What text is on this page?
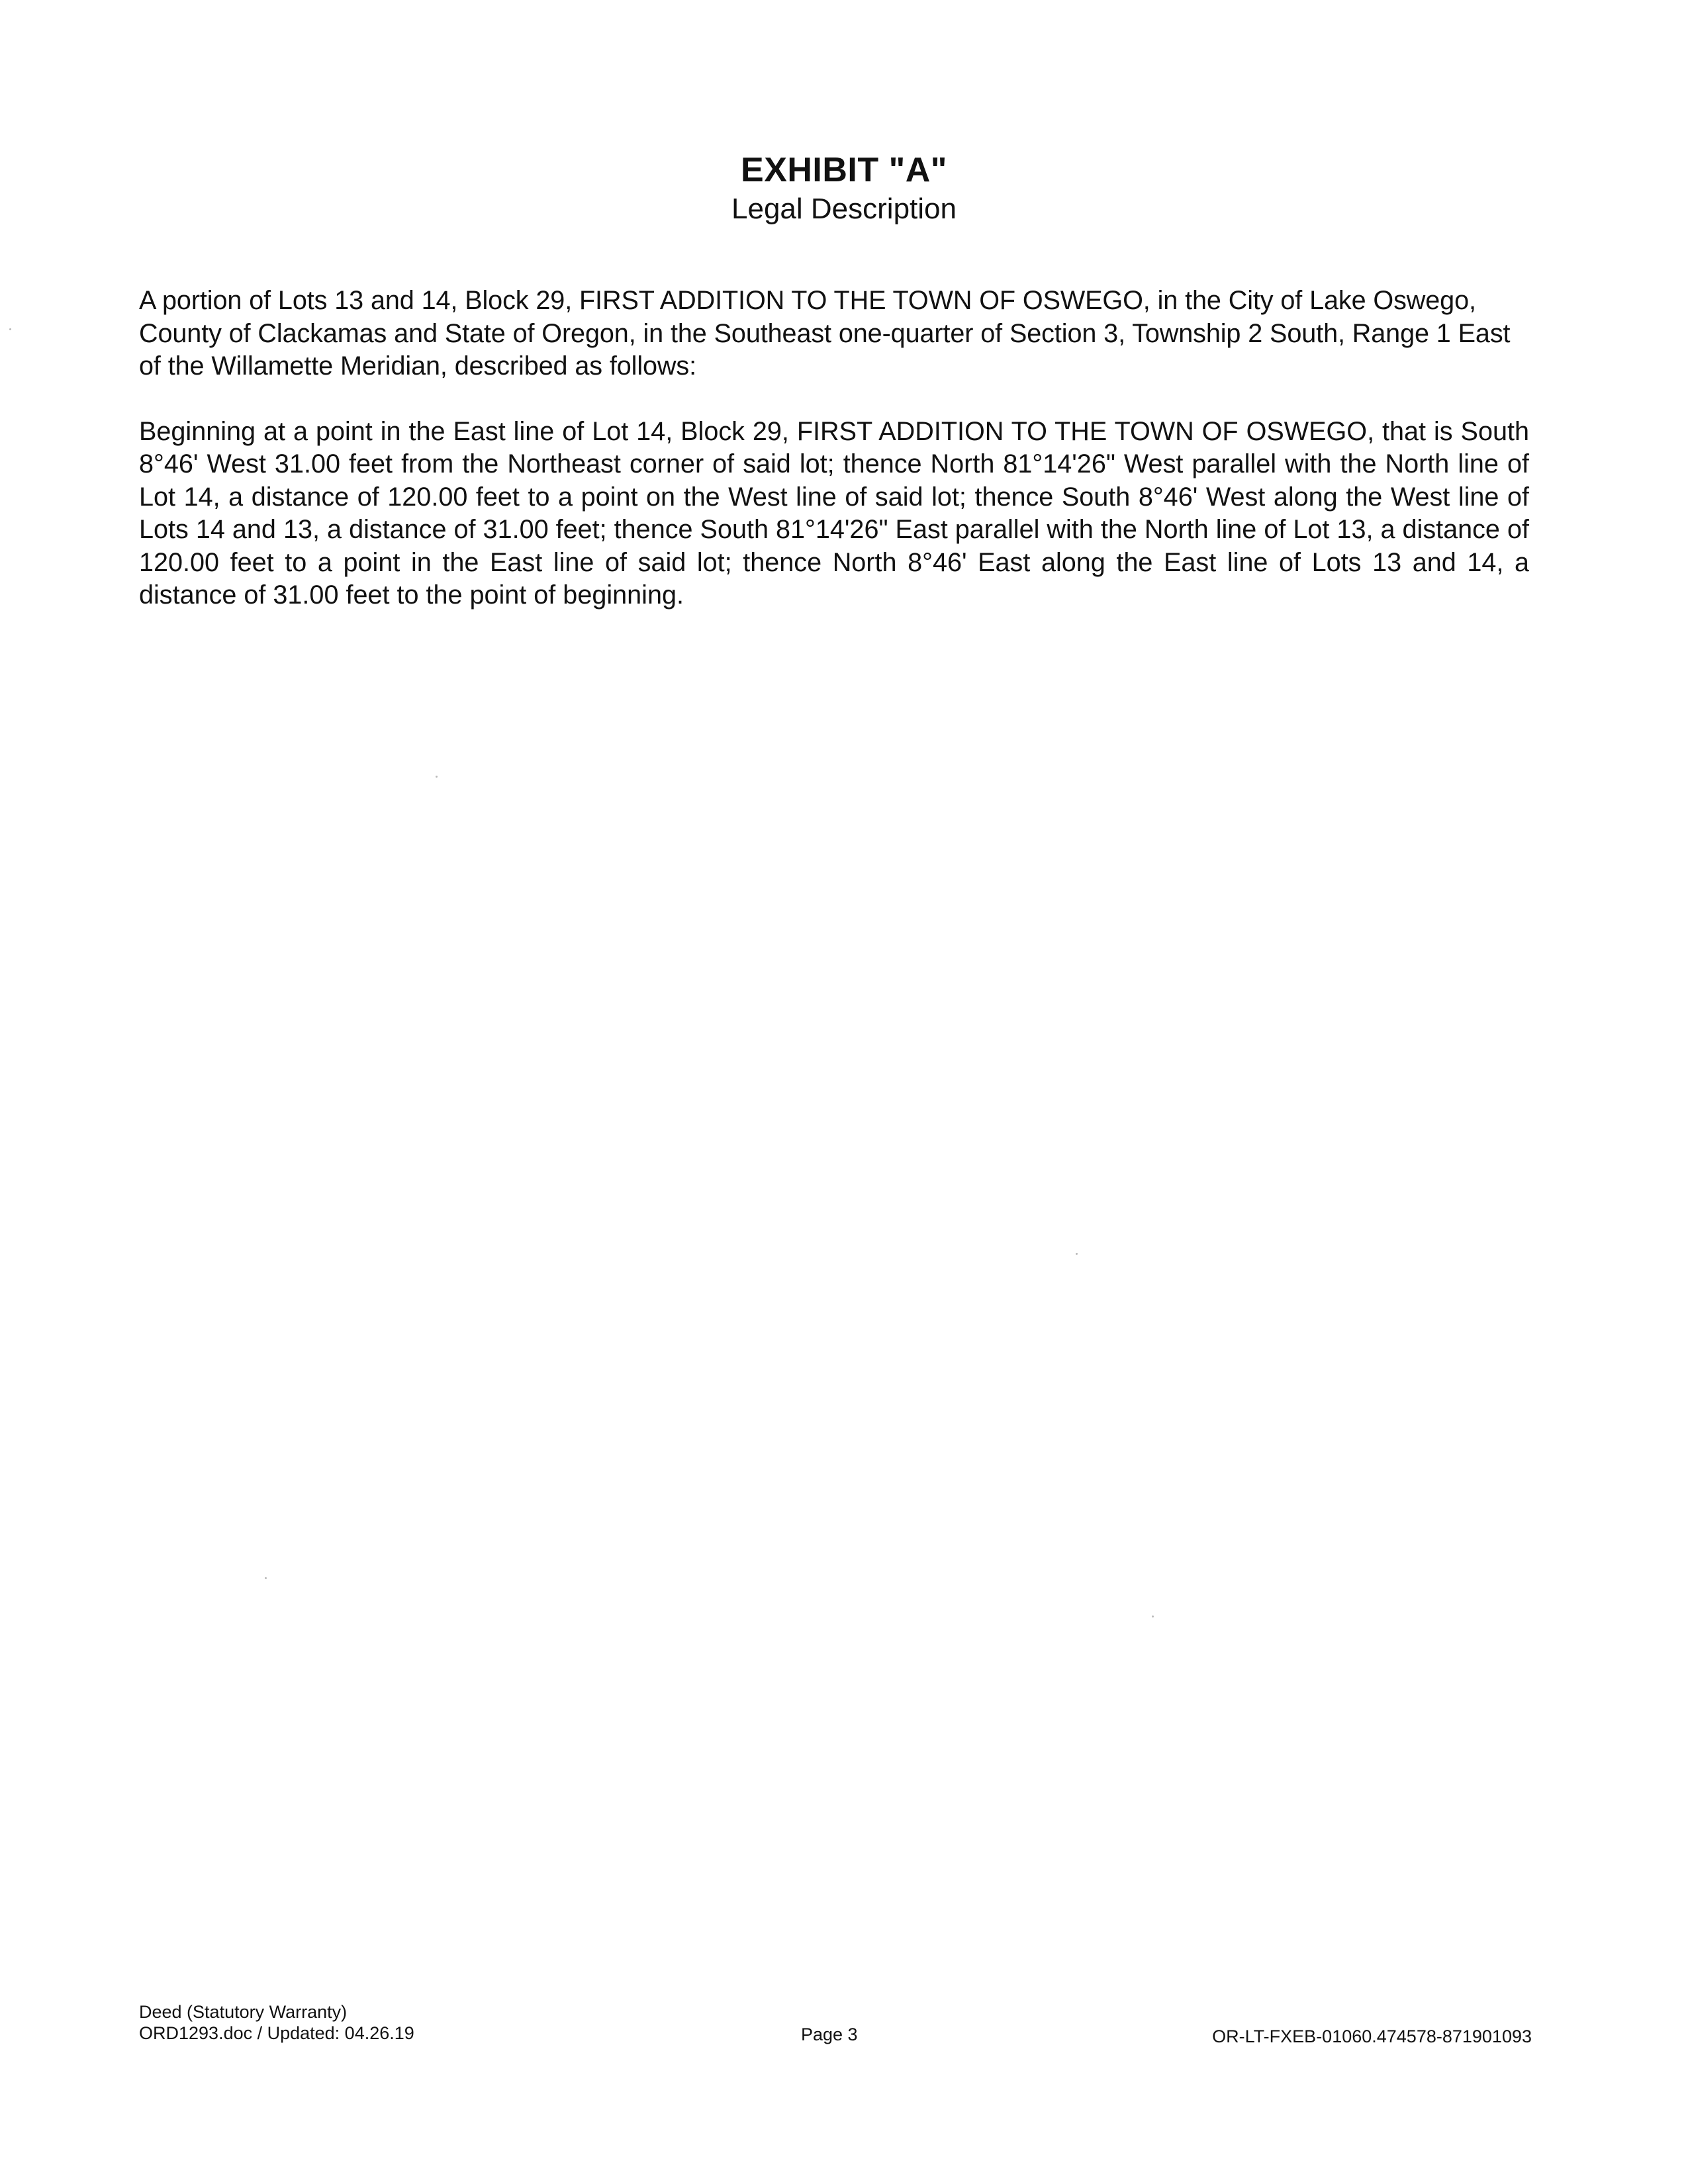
EXHIBIT "A"

Legal Description

A portion of Lots 13 and 14, Block 29, FIRST ADDITION TO THE TOWN OF OSWEGO, in the City of Lake Oswego, County of Clackamas and State of Oregon, in the Southeast one-quarter of Section 3, Township 2 South, Range 1 East of the Willamette Meridian, described as follows:

Beginning at a point in the East line of Lot 14, Block 29, FIRST ADDITION TO THE TOWN OF OSWEGO, that is South 8°46' West 31.00 feet from the Northeast corner of said lot; thence North 81°14'26" West parallel with the North line of Lot 14, a distance of 120.00 feet to a point on the West line of said lot; thence South 8°46' West along the West line of Lots 14 and 13, a distance of 31.00 feet; thence South 81°14'26" East parallel with the North line of Lot 13, a distance of 120.00 feet to a point in the East line of said lot; thence North 8°46' East along the East line of Lots 13 and 14, a distance of 31.00 feet to the point of beginning.

Deed (Statutory Warranty)
ORD1293.doc / Updated: 04.26.19	Page 3	OR-LT-FXEB-01060.474578-871901093
